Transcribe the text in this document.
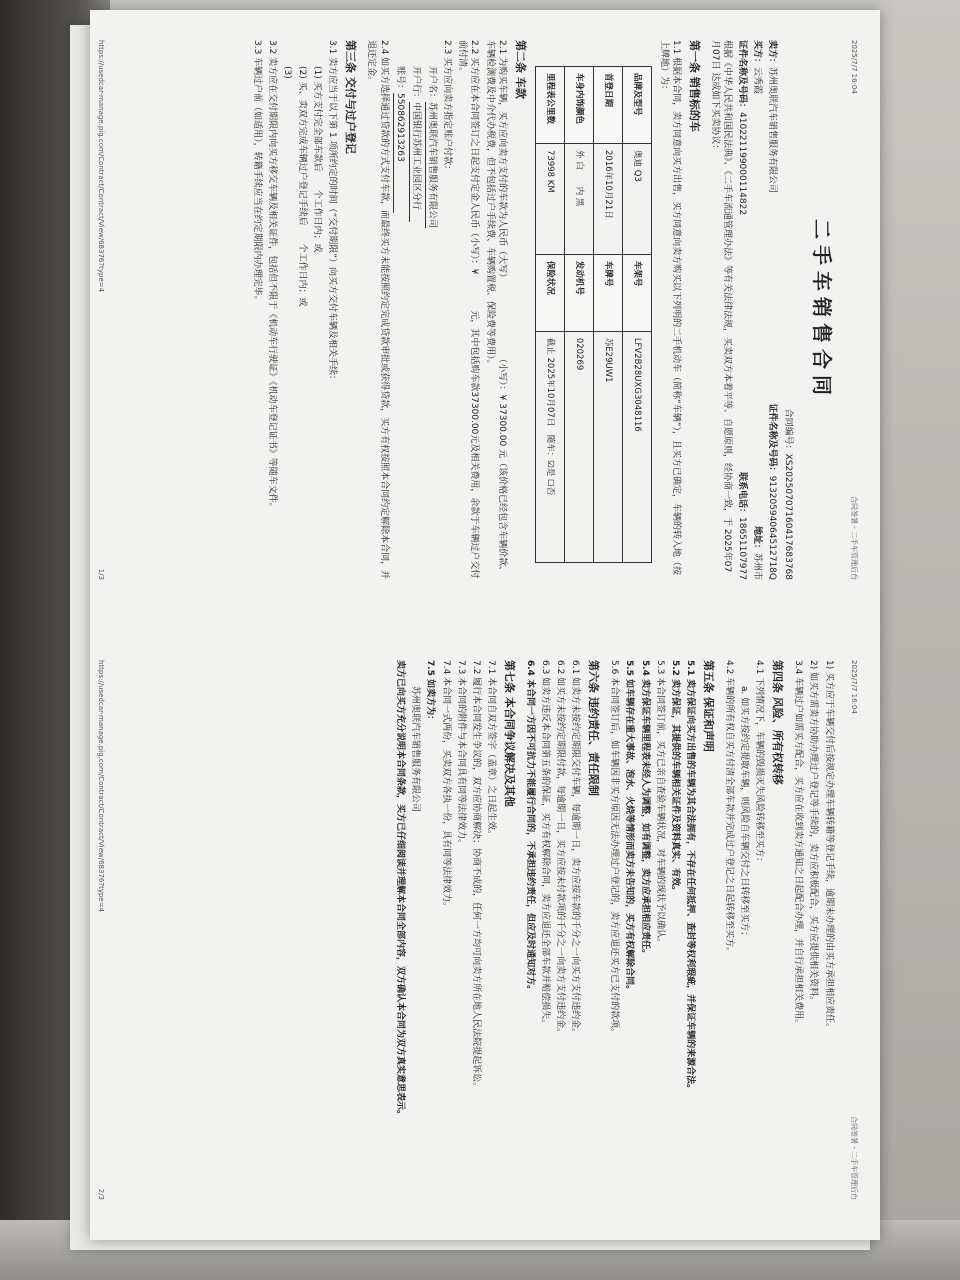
2025/7/7 16:04
合同签署 - 二手车管理后台
二手车销售合同
合同编号：XS20250707160417683768
卖方：苏州奥联汽车销售服务有限公司
证件名称及号码：91320594064512718Q
买方：云秀霞
地址：苏州市
证件名称及号码：410221199000114822
联系电话：18651107977
根据《中华人民共和国民法典》、《二手车流通管理办法》等有关法律法规，买卖双方本着平等、自愿原则，经协商一致，于 2025年07月07日 达成如下买卖协议：
第一条 销售标的车
1.1 根据本合同，卖方同意向买方出售，买方同意向卖方购买以下列明的二手机动车（简称“车辆”），且买方已确定，车辆的转入地（按上牌地）为：
品牌及型号	奥迪 Q3	车架号	LFV2B28UXG3048116
首登日期	2016年10月21日	车牌号	苏E29UW1
车身内饰颜色	外 白　　内 黑	发动机号	020269
里程表公里数	73998 KM	保险状况	截止 2025年10月07日　随车：☑是 ☐否
第二条 车款
2.1 为购买车辆，买方应向卖方支付的车款为人民币（大写）　　　　　　　　　（小写）：¥ 37300.00 元（该价格已经包含车辆价款、车辆检测费及中介代办税费，但不包括过户手续费、车辆购置税、保险费等费用）。
2.2 买方应在本合同签订之日起支付定金人民币（小写）：¥　　　　元，其中包括购车款37300.00元及相关费用，余款于车辆过户交付前付清。
2.3 买方应向卖方指定账户付款：
开户名：苏州奥联汽车销售服务有限公司
开户行：中国银行苏州工业园区分行
账号：550862913263
2.4 如买方选择通过贷款的方式支付车款，而最终买方未能按照约定完成贷款审批或获得贷款，买方有权按照本合同约定解除本合同，并退还定金。
第三条 交付与过户登记
3.1 卖方应当于以下第 1 项所约定的时间（“交付期限”）向买方交付车辆及相关手续：
(1) 买方支付完全部车款后　　个工作日内；或
(2) 买、卖双方完成车辆过户登记手续后　　个工作日内；或
(3)
3.2 卖方应在交付期限内向买方移交车辆及相关证件，包括但不限于《机动车行驶证》《机动车登记证书》等随车文件。
3.3 车辆过户前（如适用），转籍手续应当在约定期限内办理完毕。
https://usedcar-manage.pig.com/Contract/Contract/View/68376?type=4
1/3
2025/7/7 16:04
合同签署 - 二手车管理后台
1) 买方应于车辆交付后按规定办理车辆转籍等登记手续，逾期未办理的由买方承担相应责任。
2) 如买方需卖方协助办理过户登记等手续的，卖方应积极配合，买方应提供相关资料。
3.4 车辆过户如需买方配合，买方应在收到卖方通知之日起配合办理，并自行承担相关费用。
第四条 风险、所有权转移
4.1 下列情况下，车辆的毁损灭失风险转移至买方：
a. 如买方按约定提取车辆，则风险自车辆交付之日转移至买方；
4.2 车辆的所有权自买方付清全部车款并完成过户登记之日起转移至买方。
第五条 保证和声明
5.1 卖方保证向买方出售的车辆为其合法拥有，不存在任何抵押、查封等权利瑕疵，并保证车辆的来源合法。
5.2 卖方保证，其提供的车辆相关证件及资料真实、有效。
5.3 本合同签订前，买方已亲自查验车辆状况，对车辆的现状予以确认。
5.4 卖方保证车辆里程表未经人为调整，如有调整，卖方应承担相应责任。
5.5 如车辆存在重大事故、泡水、火烧等情形而卖方未告知的，买方有权解除合同。
5.6 本合同签订后，如车辆因非买方原因无法办理过户登记的，卖方应退还买方已支付的款项。
第六条 违约责任、责任限制
6.1 如卖方未按约定期限交付车辆，每逾期一日，卖方应按车款的千分之一向买方支付违约金。
6.2 如买方未按约定期限付款，每逾期一日，买方应按未付款项的千分之一向卖方支付违约金。
6.3 如卖方违反本合同第五条的保证，买方有权解除合同，卖方应退还全部车款并赔偿损失。
6.4 本合同一方因不可抗力不能履行合同的，不承担违约责任，但应及时通知对方。
第七条 本合同争议解决及其他
7.1 本合同自双方签字（盖章）之日起生效。
7.2 履行本合同发生争议的，双方应协商解决；协商不成的，任何一方均可向卖方所在地人民法院提起诉讼。
7.3 本合同的附件与本合同具有同等法律效力。
7.4 本合同一式两份，买卖双方各执一份，具有同等法律效力。
7.5 如卖方为：
苏州奥联汽车销售服务有限公司
卖方已向买方充分说明本合同条款，买方已仔细阅读并理解本合同全部内容，双方确认本合同为双方真实意思表示。
https://usedcar-manage.pig.com/Contract/Contract/View/68376?type=4
2/3
